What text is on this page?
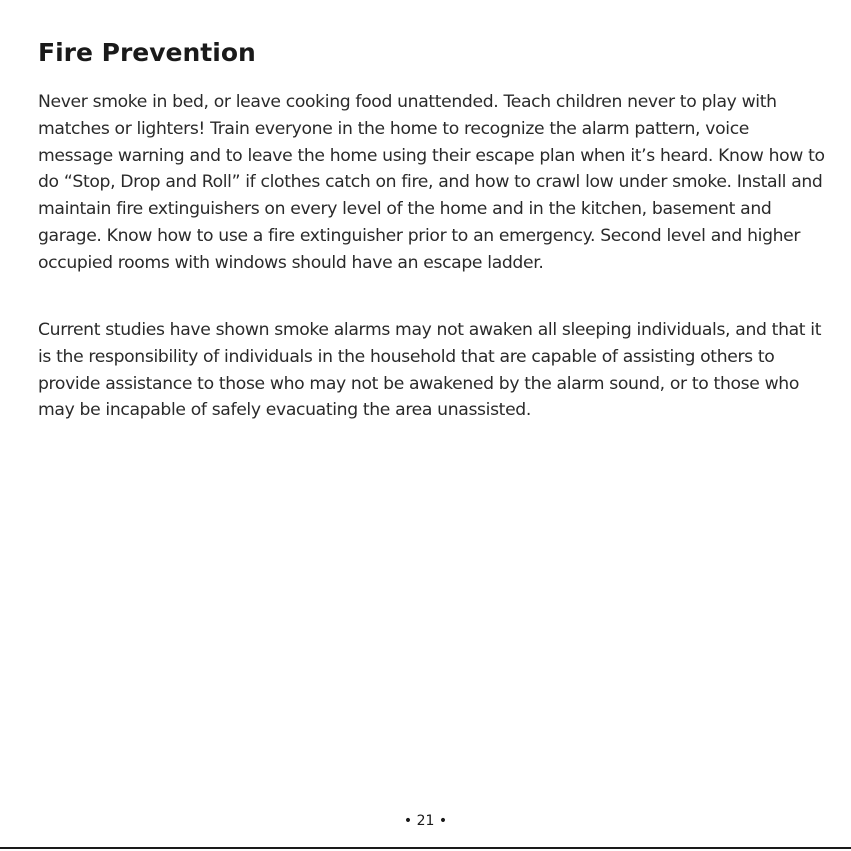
Fire Prevention

Never smoke in bed, or leave cooking food unattended. Teach children never to play with matches or lighters! Train everyone in the home to recognize the alarm pattern, voice message warning and to leave the home using their escape plan when it’s heard. Know how to do “Stop, Drop and Roll” if clothes catch on fire, and how to crawl low under smoke. Install and maintain fire extinguishers on every level of the home and in the kitchen, basement and garage. Know how to use a fire extinguisher prior to an emergency. Second level and higher occupied rooms with windows should have an escape ladder.

Current studies have shown smoke alarms may not awaken all sleeping individuals, and that it is the responsibility of individuals in the household that are capable of assisting others to provide assistance to those who may not be awakened by the alarm sound, or to those who may be incapable of safely evacuating the area unassisted.

• 21 •
